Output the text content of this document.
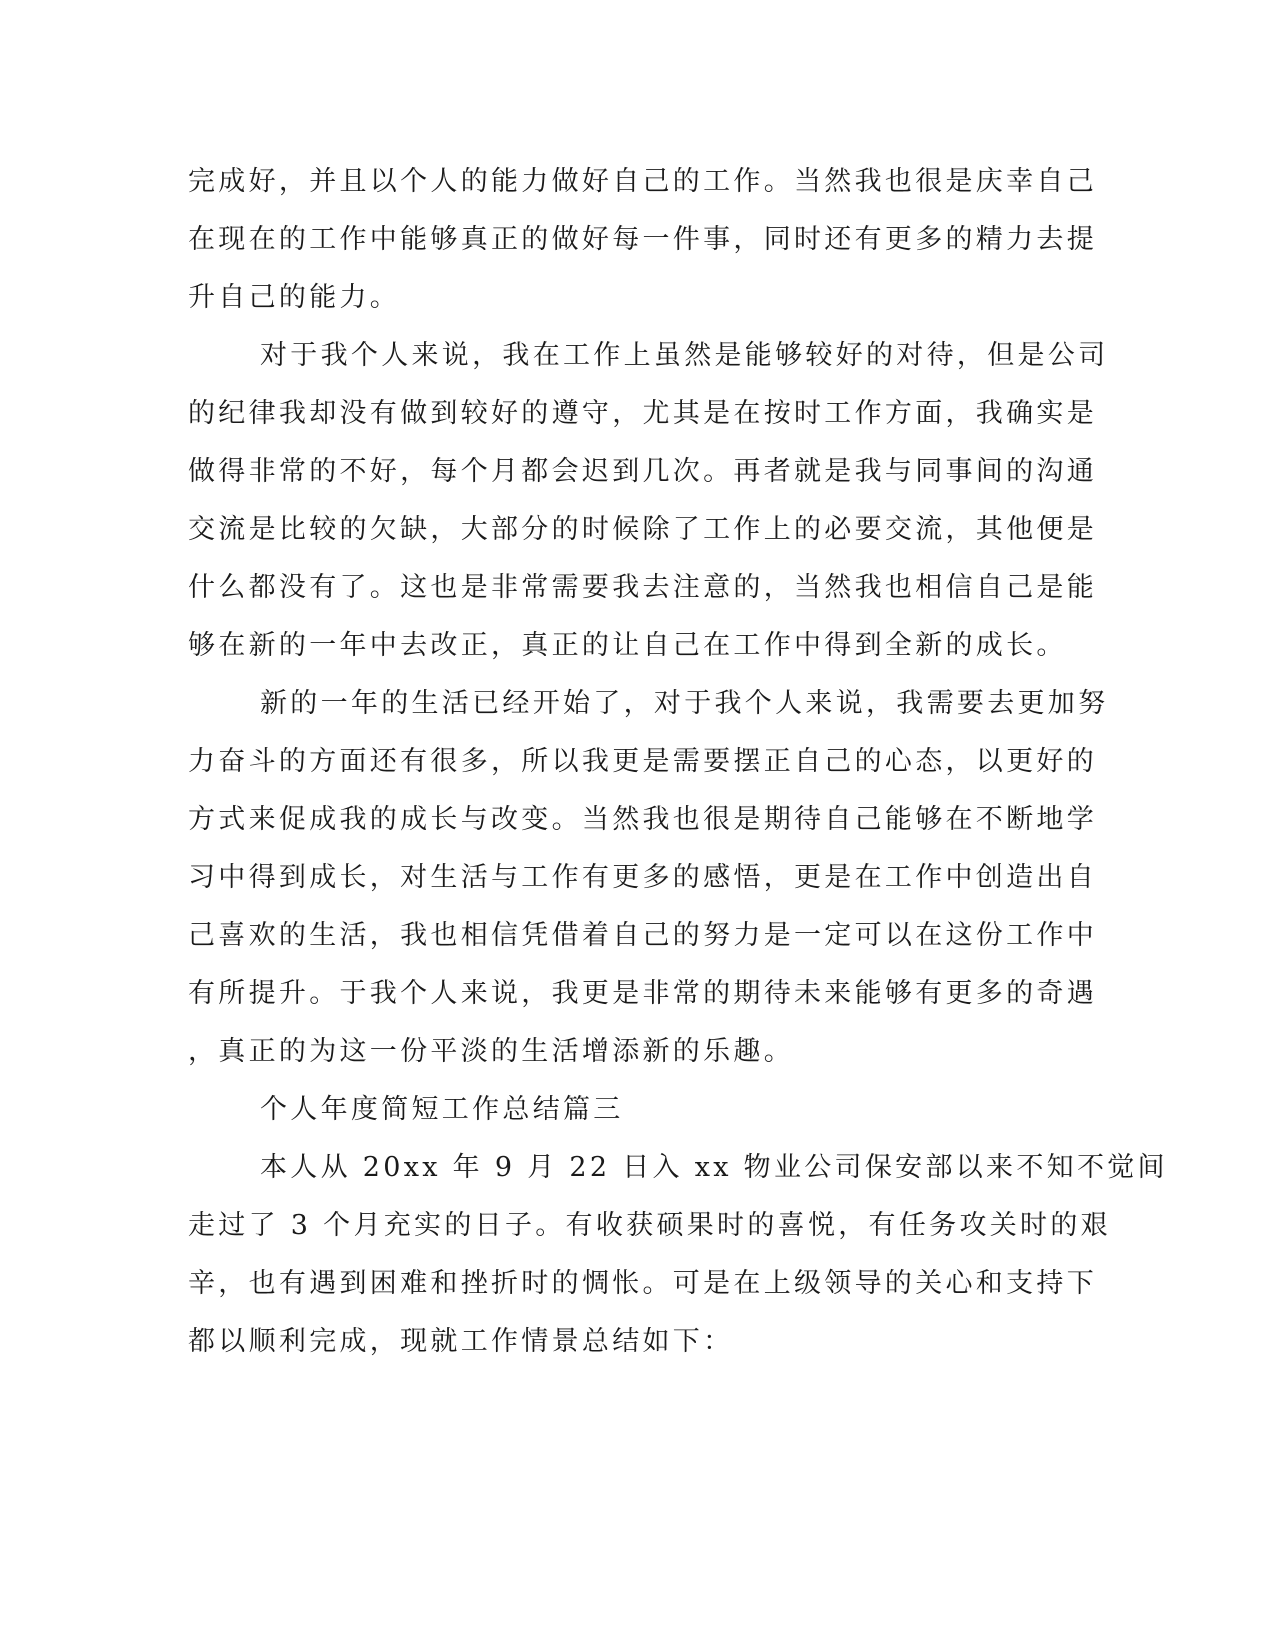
完成好，并且以个人的能力做好自己的工作。当然我也很是庆幸自己
在现在的工作中能够真正的做好每一件事，同时还有更多的精力去提
升自己的能力。
对于我个人来说，我在工作上虽然是能够较好的对待，但是公司
的纪律我却没有做到较好的遵守，尤其是在按时工作方面，我确实是
做得非常的不好，每个月都会迟到几次。再者就是我与同事间的沟通
交流是比较的欠缺，大部分的时候除了工作上的必要交流，其他便是
什么都没有了。这也是非常需要我去注意的，当然我也相信自己是能
够在新的一年中去改正，真正的让自己在工作中得到全新的成长。
新的一年的生活已经开始了，对于我个人来说，我需要去更加努
力奋斗的方面还有很多，所以我更是需要摆正自己的心态，以更好的
方式来促成我的成长与改变。当然我也很是期待自己能够在不断地学
习中得到成长，对生活与工作有更多的感悟，更是在工作中创造出自
己喜欢的生活，我也相信凭借着自己的努力是一定可以在这份工作中
有所提升。于我个人来说，我更是非常的期待未来能够有更多的奇遇
，真正的为这一份平淡的生活增添新的乐趣。
个人年度简短工作总结篇三
本人从 20xx 年 9 月 22 日入 xx 物业公司保安部以来不知不觉间
走过了 3 个月充实的日子。有收获硕果时的喜悦，有任务攻关时的艰
辛，也有遇到困难和挫折时的惆怅。可是在上级领导的关心和支持下
都以顺利完成，现就工作情景总结如下：
